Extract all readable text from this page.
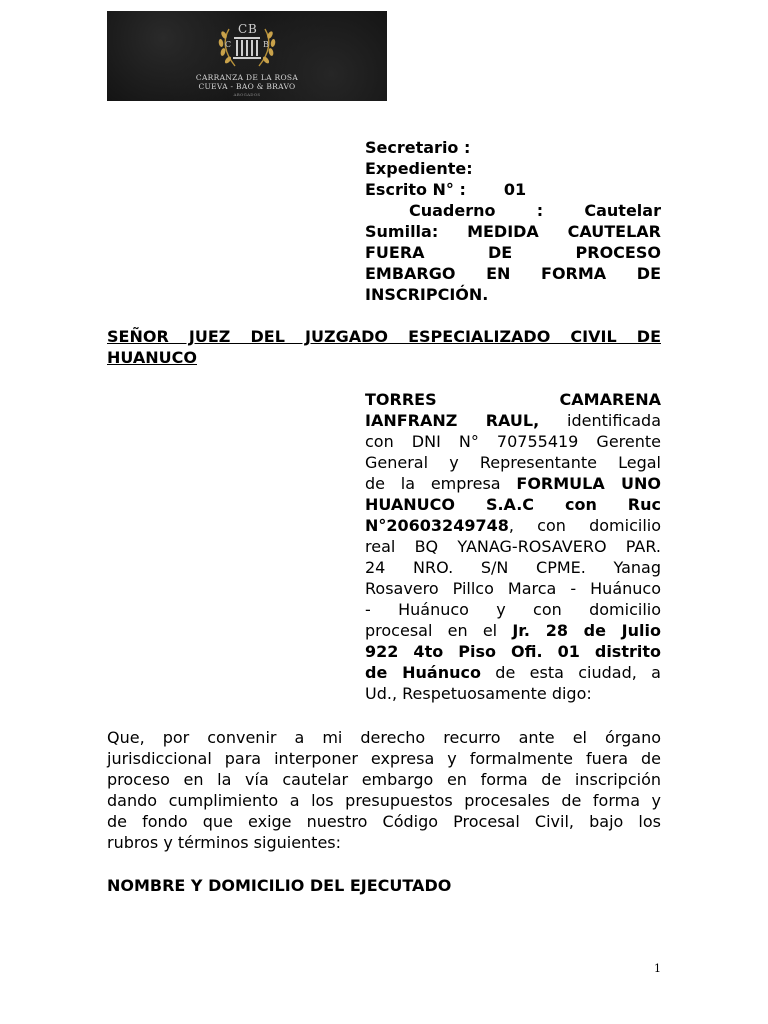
C B
C	B
CARRANZA DE LA ROSA
CUEVA - BAO & BRAVO
ABOGADOS
Secretario :
Expediente:
Escrito N° : 01
Cuaderno :	Cautelar
Sumilla: MEDIDA CAUTELAR
FUERA	DE	PROCESO
EMBARGO EN FORMA DE
INSCRIPCIÓN.
SEÑOR JUEZ DEL JUZGADO ESPECIALIZADO CIVIL DE
HUANUCO
TORRES	CAMARENA
IANFRANZ RAUL, identificada
con DNI N° 70755419 Gerente
General y Representante Legal
de la empresa FORMULA UNO
HUANUCO S.A.C con Ruc
N°20603249748, con domicilio
real BQ YANAG-ROSAVERO PAR.
24 NRO. S/N CPME. Yanag
Rosavero Pillco Marca - Huánuco
- Huánuco y con domicilio
procesal en el Jr. 28 de Julio
922 4to Piso Ofi. 01 distrito
de Huánuco de esta ciudad, a
Ud., Respetuosamente digo:
Que, por convenir a mi derecho recurro ante el órgano
jurisdiccional para interponer expresa y formalmente fuera de
proceso en la vía cautelar embargo en forma de inscripción
dando cumplimiento a los presupuestos procesales de forma y
de fondo que exige nuestro Código Procesal Civil, bajo los
rubros y términos siguientes:
NOMBRE Y DOMICILIO DEL EJECUTADO
1
